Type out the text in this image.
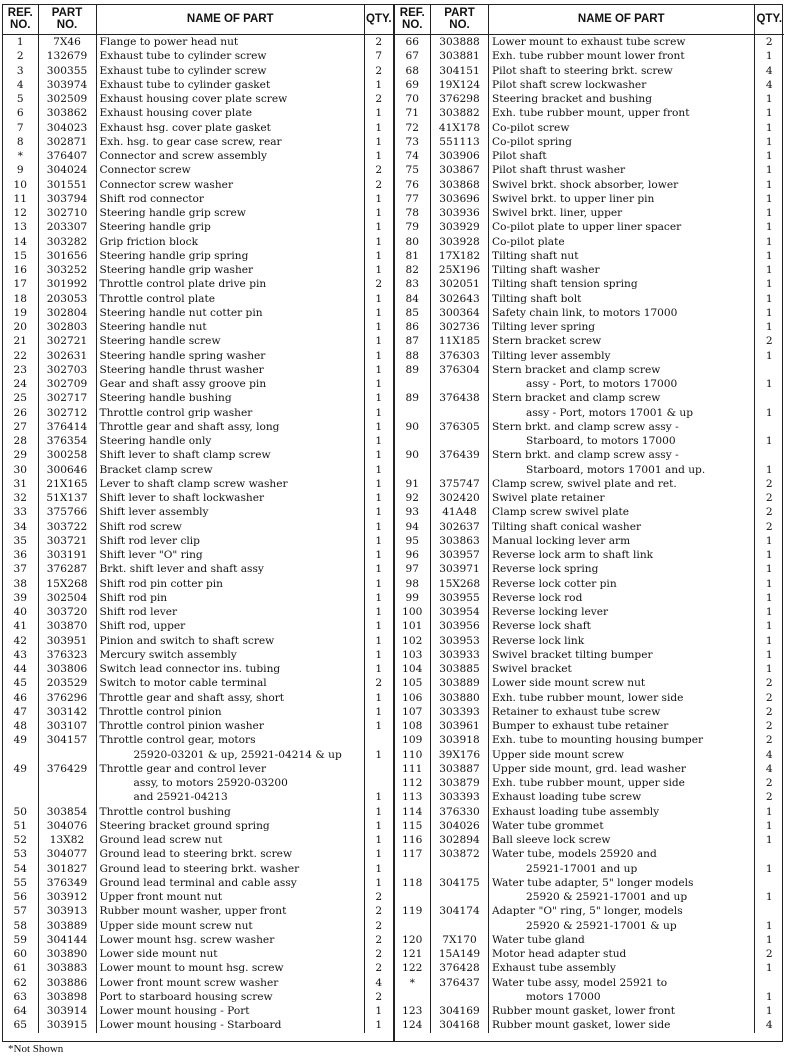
REF.
NO.	PART
NO.	NAME OF PART	QTY.
1	7X46	Flange to power head nut	2
2	132679	Exhaust tube to cylinder screw	7
3	300355	Exhaust tube to cylinder screw	2
4	303974	Exhaust tube to cylinder gasket	1
5	302509	Exhaust housing cover plate screw	2
6	303862	Exhaust housing cover plate	1
7	304023	Exhaust hsg. cover plate gasket	1
8	302871	Exh. hsg. to gear case screw, rear	1
*	376407	Connector and screw assembly	1
9	304024	Connector screw	2
10	301551	Connector screw washer	2
11	303794	Shift rod connector	1
12	302710	Steering handle grip screw	1
13	203307	Steering handle grip	1
14	303282	Grip friction block	1
15	301656	Steering handle grip spring	1
16	303252	Steering handle grip washer	1
17	301992	Throttle control plate drive pin	2
18	203053	Throttle control plate	1
19	302804	Steering handle nut cotter pin	1
20	302803	Steering handle nut	1
21	302721	Steering handle screw	1
22	302631	Steering handle spring washer	1
23	302703	Steering handle thrust washer	1
24	302709	Gear and shaft assy groove pin	1
25	302717	Steering handle bushing	1
26	302712	Throttle control grip washer	1
27	376414	Throttle gear and shaft assy, long	1
28	376354	Steering handle only	1
29	300258	Shift lever to shaft clamp screw	1
30	300646	Bracket clamp screw	1
31	21X165	Lever to shaft clamp screw washer	1
32	51X137	Shift lever to shaft lockwasher	1
33	375766	Shift lever assembly	1
34	303722	Shift rod screw	1
35	303721	Shift rod lever clip	1
36	303191	Shift lever "O" ring	1
37	376287	Brkt. shift lever and shaft assy	1
38	15X268	Shift rod pin cotter pin	1
39	302504	Shift rod pin	1
40	303720	Shift rod lever	1
41	303870	Shift rod, upper	1
42	303951	Pinion and switch to shaft screw	1
43	376323	Mercury switch assembly	1
44	303806	Switch lead connector ins. tubing	1
45	203529	Switch to motor cable terminal	2
46	376296	Throttle gear and shaft assy, short	1
47	303142	Throttle control pinion	1
48	303107	Throttle control pinion washer	1
49	304157	Throttle control gear, motors	
		25920-03201 & up, 25921-04214 & up	1
49	376429	Throttle gear and control lever	
		assy, to motors 25920-03200	
		and 25921-04213	1
50	303854	Throttle control bushing	1
51	304076	Steering bracket ground spring	1
52	13X82	Ground lead screw nut	1
53	304077	Ground lead to steering brkt. screw	1
54	301827	Ground lead to steering brkt. washer	1
55	376349	Ground lead terminal and cable assy	1
56	303912	Upper front mount nut	2
57	303913	Rubber mount washer, upper front	2
58	303889	Upper side mount screw nut	2
59	304144	Lower mount hsg. screw washer	2
60	303890	Lower side mount nut	2
61	303883	Lower mount to mount hsg. screw	2
62	303886	Lower front mount screw washer	4
63	303898	Port to starboard housing screw	2
64	303914	Lower mount housing - Port	1
65	303915	Lower mount housing - Starboard	1
REF.
NO.	PART
NO.	NAME OF PART	QTY.
66	303888	Lower mount to exhaust tube screw	2
67	303881	Exh. tube rubber mount lower front	1
68	304151	Pilot shaft to steering brkt. screw	4
69	19X124	Pilot shaft screw lockwasher	4
70	376298	Steering bracket and bushing	1
71	303882	Exh. tube rubber mount, upper front	1
72	41X178	Co-pilot screw	1
73	551113	Co-pilot spring	1
74	303906	Pilot shaft	1
75	303867	Pilot shaft thrust washer	1
76	303868	Swivel brkt. shock absorber, lower	1
77	303696	Swivel brkt. to upper liner pin	1
78	303936	Swivel brkt. liner, upper	1
79	303929	Co-pilot plate to upper liner spacer	1
80	303928	Co-pilot plate	1
81	17X182	Tilting shaft nut	1
82	25X196	Tilting shaft washer	1
83	302051	Tilting shaft tension spring	1
84	302643	Tilting shaft bolt	1
85	300364	Safety chain link, to motors 17000	1
86	302736	Tilting lever spring	1
87	11X185	Stern bracket screw	2
88	376303	Tilting lever assembly	1
89	376304	Stern bracket and clamp screw	
		assy - Port, to motors 17000	1
89	376438	Stern bracket and clamp screw	
		assy - Port, motors 17001 & up	1
90	376305	Stern brkt. and clamp screw assy -	
		Starboard, to motors 17000	1
90	376439	Stern brkt. and clamp screw assy -	
		Starboard, motors 17001 and up.	1
91	375747	Clamp screw, swivel plate and ret.	2
92	302420	Swivel plate retainer	2
93	41A48	Clamp screw swivel plate	2
94	302637	Tilting shaft conical washer	2
95	303863	Manual locking lever arm	1
96	303957	Reverse lock arm to shaft link	1
97	303971	Reverse lock spring	1
98	15X268	Reverse lock cotter pin	1
99	303955	Reverse lock rod	1
100	303954	Reverse locking lever	1
101	303956	Reverse lock shaft	1
102	303953	Reverse lock link	1
103	303933	Swivel bracket tilting bumper	1
104	303885	Swivel bracket	1
105	303889	Lower side mount screw nut	2
106	303880	Exh. tube rubber mount, lower side	2
107	303393	Retainer to exhaust tube screw	2
108	303961	Bumper to exhaust tube retainer	2
109	303918	Exh. tube to mounting housing bumper	2
110	39X176	Upper side mount screw	4
111	303887	Upper side mount, grd. lead washer	4
112	303879	Exh. tube rubber mount, upper side	2
113	303393	Exhaust loading tube screw	2
114	376330	Exhaust loading tube assembly	1
115	304026	Water tube grommet	1
116	302894	Ball sleeve lock screw	1
117	303872	Water tube, models 25920 and	
		25921-17001 and up	1
118	304175	Water tube adapter, 5" longer models	
		25920 & 25921-17001 and up	1
119	304174	Adapter "O" ring, 5" longer, models	
		25920 & 25921-17001 & up	1
120	7X170	Water tube gland	1
121	15A149	Motor head adapter stud	2
122	376428	Exhaust tube assembly	1
*	376437	Water tube assy, model 25921 to	
		motors 17000	1
123	304169	Rubber mount gasket, lower front	1
124	304168	Rubber mount gasket, lower side	4
*Not Shown
